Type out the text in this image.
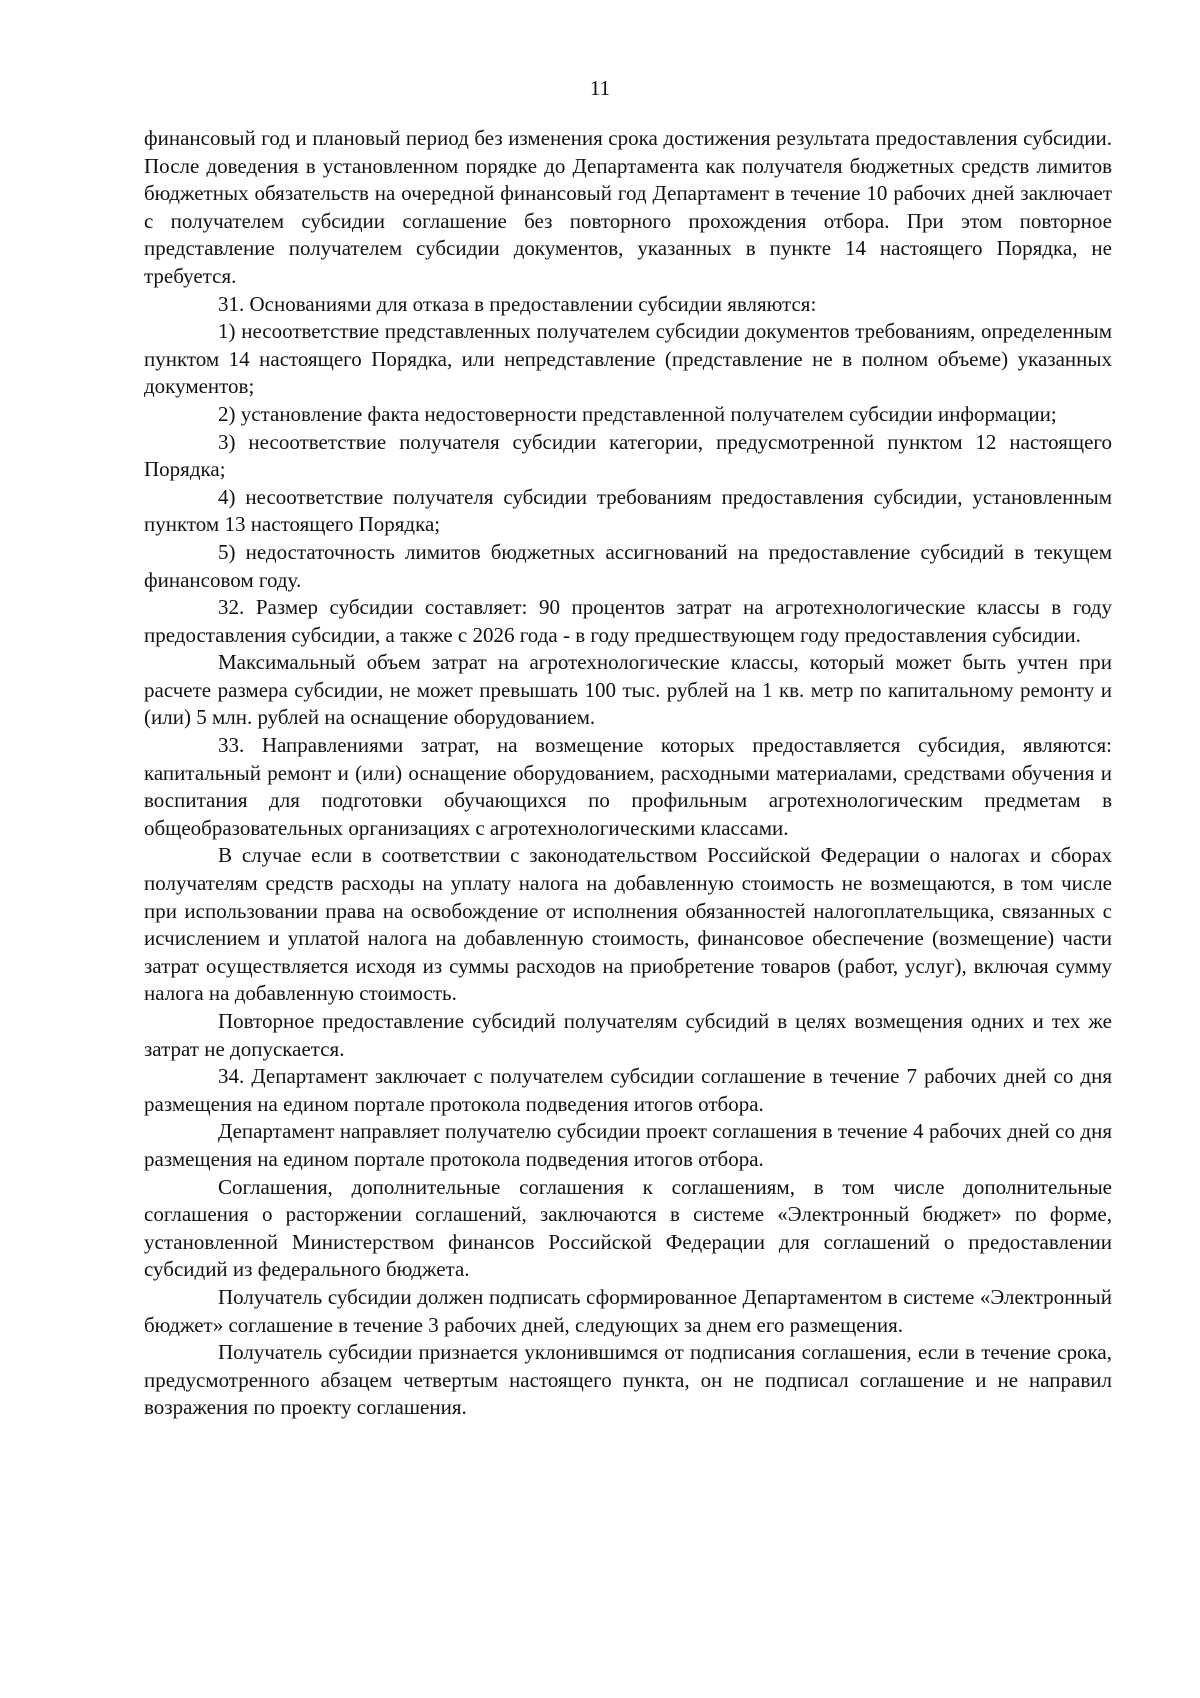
11

финансовый год и плановый период без изменения срока достижения результата предоставления субсидии. После доведения в установленном порядке до Департамента как получателя бюджетных средств лимитов бюджетных обязательств на очередной финансовый год Департамент в течение 10 рабочих дней заключает с получателем субсидии соглашение без повторного прохождения отбора. При этом повторное представление получателем субсидии документов, указанных в пункте 14 настоящего Порядка, не требуется.

31. Основаниями для отказа в предоставлении субсидии являются:

1) несоответствие представленных получателем субсидии документов требованиям, определенным пунктом 14 настоящего Порядка, или непредставление (представление не в полном объеме) указанных документов;

2) установление факта недостоверности представленной получателем субсидии информации;

3) несоответствие получателя субсидии категории, предусмотренной пунктом 12 настоящего Порядка;

4) несоответствие получателя субсидии требованиям предоставления субсидии, установленным пунктом 13 настоящего Порядка;

5) недостаточность лимитов бюджетных ассигнований на предоставление субсидий в текущем финансовом году.

32. Размер субсидии составляет: 90 процентов затрат на агротехнологические классы в году предоставления субсидии, а также с 2026 года - в году предшествующем году предоставления субсидии.

Максимальный объем затрат на агротехнологические классы, который может быть учтен при расчете размера субсидии, не может превышать 100 тыс. рублей на 1 кв. метр по капитальному ремонту и (или) 5 млн. рублей на оснащение оборудованием.

33. Направлениями затрат, на возмещение которых предоставляется субсидия, являются: капитальный ремонт и (или) оснащение оборудованием, расходными материалами, средствами обучения и воспитания для подготовки обучающихся по профильным агротехнологическим предметам в общеобразовательных организациях с агротехнологическими классами.

В случае если в соответствии с законодательством Российской Федерации о налогах и сборах получателям средств расходы на уплату налога на добавленную стоимость не возмещаются, в том числе при использовании права на освобождение от исполнения обязанностей налогоплательщика, связанных с исчислением и уплатой налога на добавленную стоимость, финансовое обеспечение (возмещение) части затрат осуществляется исходя из суммы расходов на приобретение товаров (работ, услуг), включая сумму налога на добавленную стоимость.

Повторное предоставление субсидий получателям субсидий в целях возмещения одних и тех же затрат не допускается.

34. Департамент заключает с получателем субсидии соглашение в течение 7 рабочих дней со дня размещения на едином портале протокола подведения итогов отбора.

Департамент направляет получателю субсидии проект соглашения в течение 4 рабочих дней со дня размещения на едином портале протокола подведения итогов отбора.

Соглашения, дополнительные соглашения к соглашениям, в том числе дополнительные соглашения о расторжении соглашений, заключаются в системе «Электронный бюджет» по форме, установленной Министерством финансов Российской Федерации для соглашений о предоставлении субсидий из федерального бюджета.

Получатель субсидии должен подписать сформированное Департаментом в системе «Электронный бюджет» соглашение в течение 3 рабочих дней, следующих за днем его размещения.

Получатель субсидии признается уклонившимся от подписания соглашения, если в течение срока, предусмотренного абзацем четвертым настоящего пункта, он не подписал соглашение и не направил возражения по проекту соглашения.
